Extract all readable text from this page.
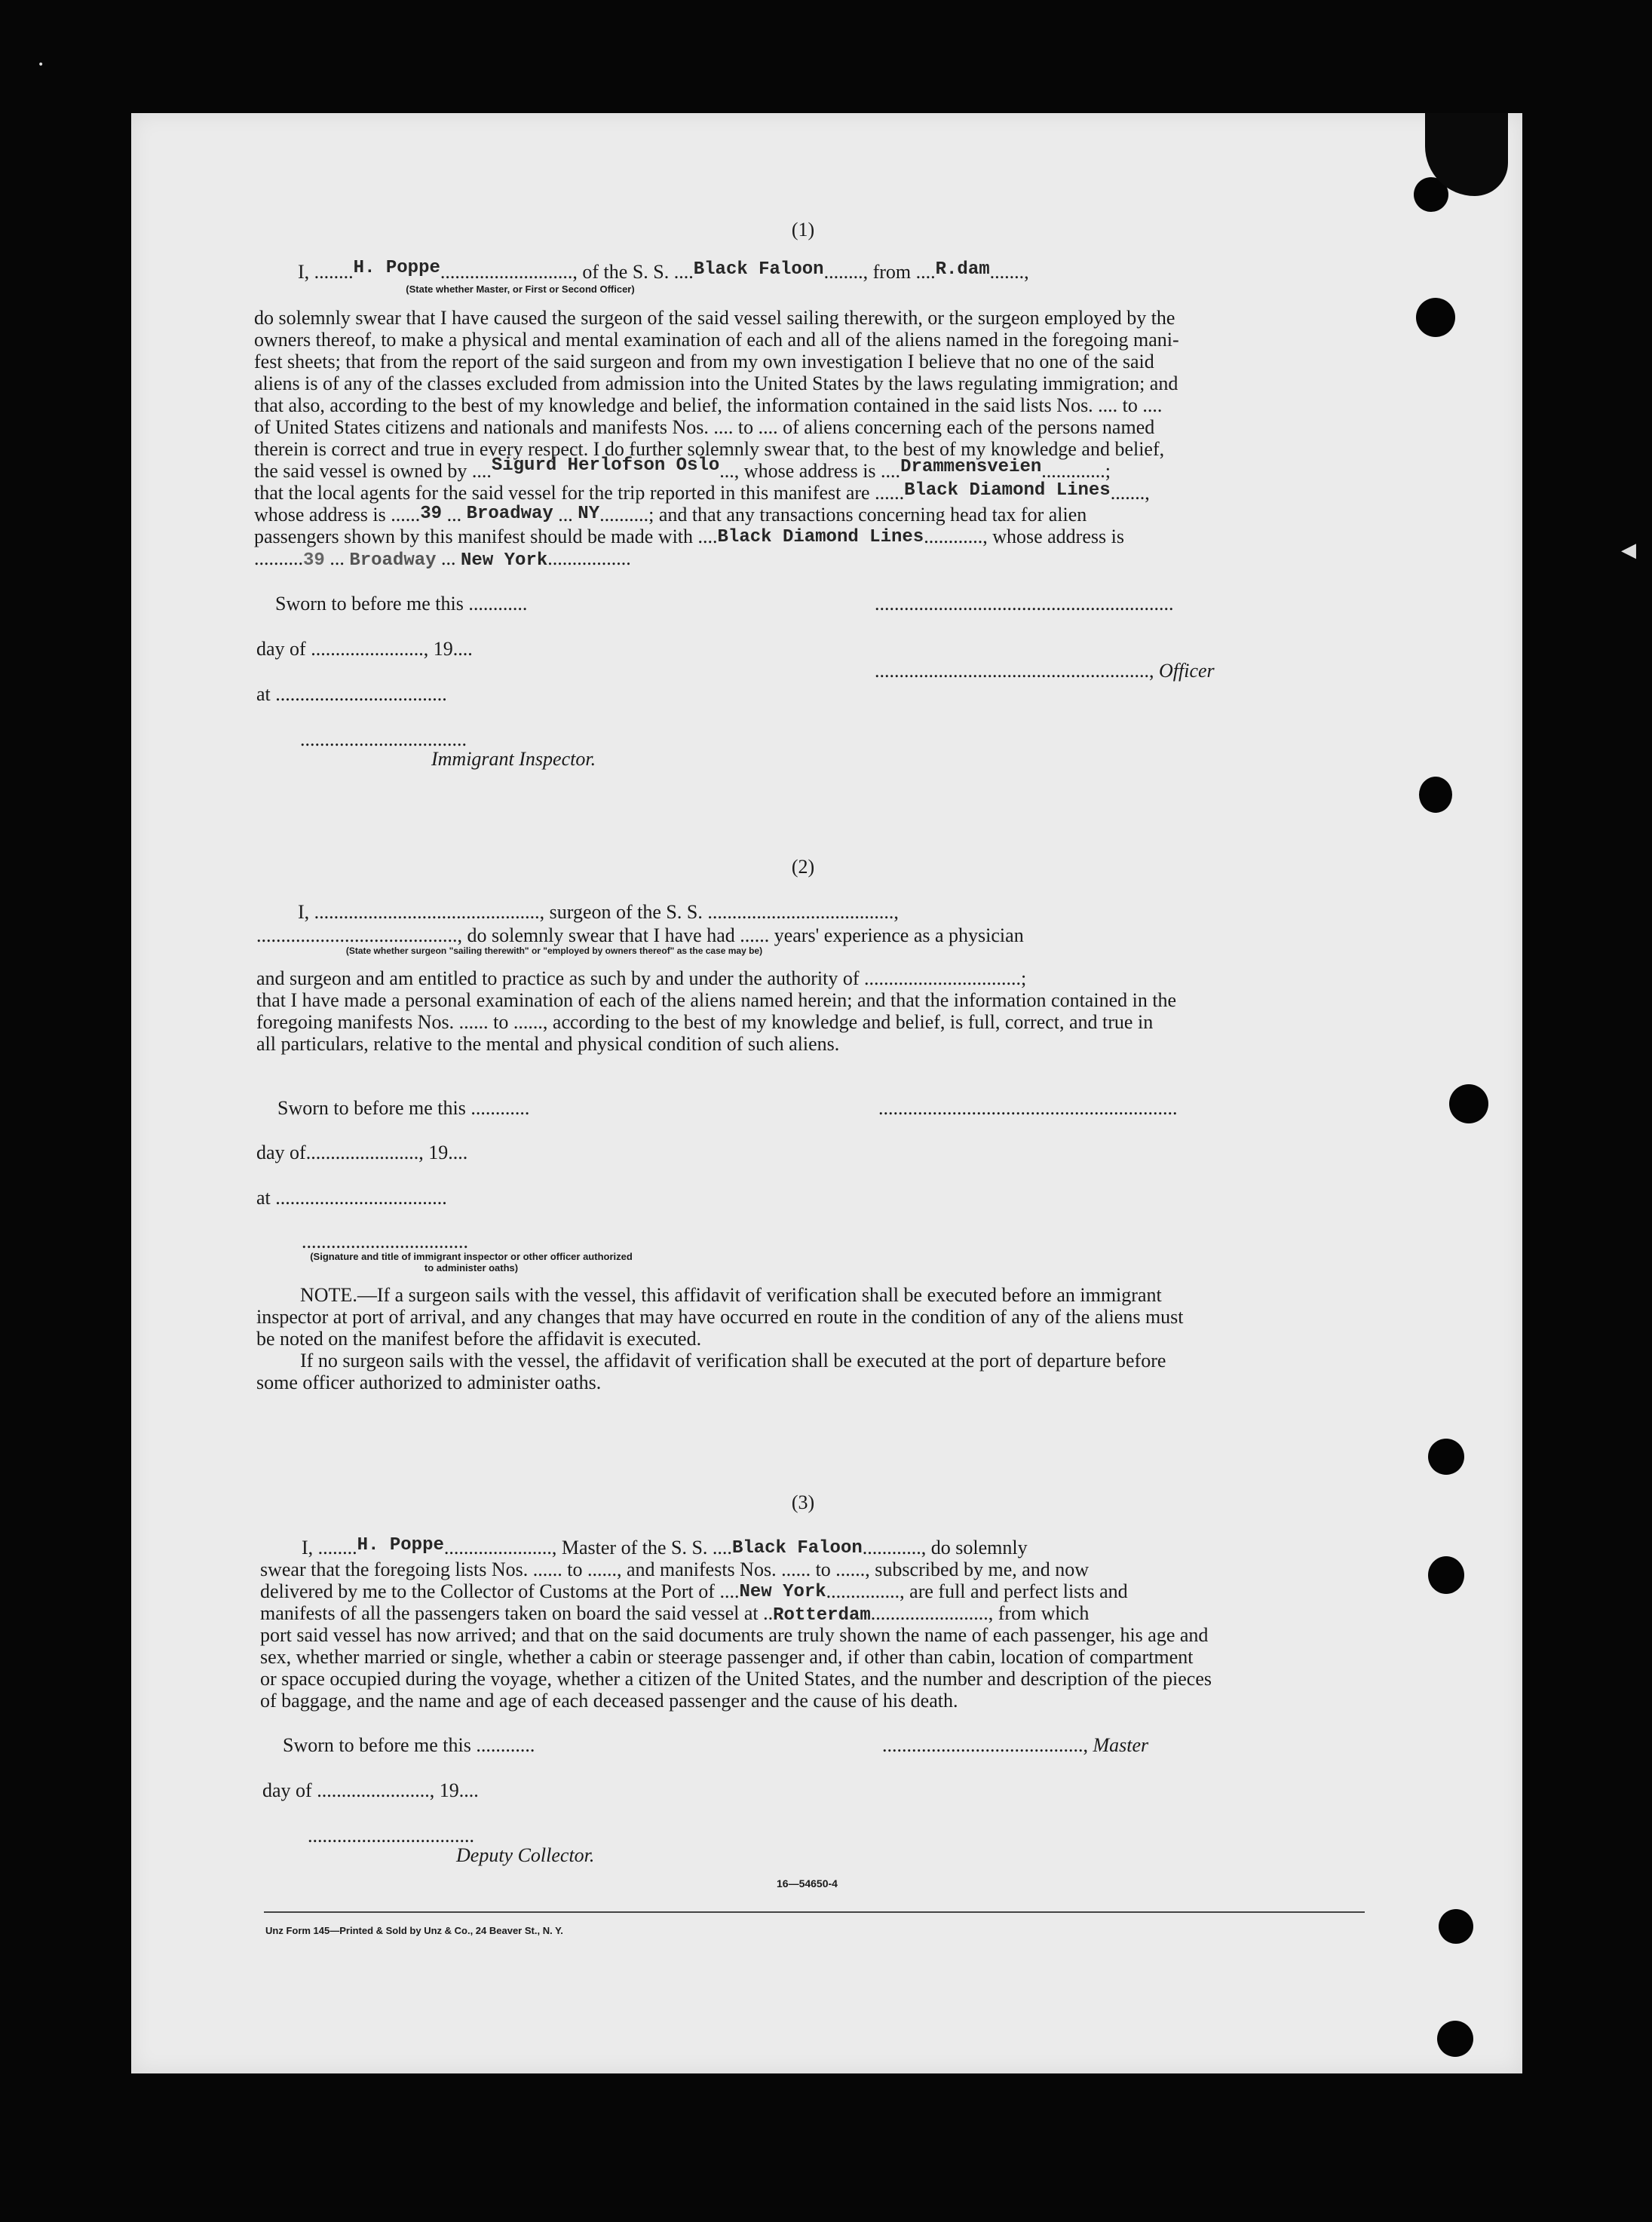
◀
•
(1)
I, ........H. Poppe..........................., of the S. S. ....Black Faloon........, from ....R.dam.......,
(State whether Master, or First or Second Officer)
do solemnly swear that I have caused the surgeon of the said vessel sailing therewith, or the surgeon employed by the
owners thereof, to make a physical and mental examination of each and all of the aliens named in the foregoing mani-
fest sheets; that from the report of the said surgeon and from my own investigation I believe that no one of the said
aliens is of any of the classes excluded from admission into the United States by the laws regulating immigration; and
that also, according to the best of my knowledge and belief, the information contained in the said lists Nos. .... to ....
of United States citizens and nationals and manifests Nos. .... to .... of aliens concerning each of the persons named
therein is correct and true in every respect. I do further solemnly swear that, to the best of my knowledge and belief,
the said vessel is owned by ....Sigurd Herlofson Oslo..., whose address is ....Drammensveien.............;
that the local agents for the said vessel for the trip reported in this manifest are ......Black Diamond Lines.......,
whose address is ......39 ... Broadway ... NY..........; and that any transactions concerning head tax for alien
passengers shown by this manifest should be made with ....Black Diamond Lines............, whose address is
..........39 ... Broadway ... New York.................
Sworn to before me this ............	.............................................................
day of ......................., 19....
........................................................, Officer
at ...................................
..................................
Immigrant Inspector.
(2)
I, .............................................., surgeon of the S. S. ......................................,
........................................., do solemnly swear that I have had ...... years' experience as a physician
(State whether surgeon "sailing therewith" or "employed by owners thereof" as the case may be)
and surgeon and am entitled to practice as such by and under the authority of ................................;
that I have made a personal examination of each of the aliens named herein; and that the information contained in the
foregoing manifests Nos. ...... to ......, according to the best of my knowledge and belief, is full, correct, and true in
all particulars, relative to the mental and physical condition of such aliens.
Sworn to before me this ............	.............................................................
day of......................., 19....
at ...................................
..................................
(Signature and title of immigrant inspector or other officer authorized to administer oaths)
NOTE.—If a surgeon sails with the vessel, this affidavit of verification shall be executed before an immigrant
inspector at port of arrival, and any changes that may have occurred en route in the condition of any of the aliens must
be noted on the manifest before the affidavit is executed.
If no surgeon sails with the vessel, the affidavit of verification shall be executed at the port of departure before
some officer authorized to administer oaths.
(3)
I, ........H. Poppe......................, Master of the S. S. ....Black Faloon............, do solemnly
swear that the foregoing lists Nos. ...... to ......, and manifests Nos. ...... to ......, subscribed by me, and now
delivered by me to the Collector of Customs at the Port of ....New York..............., are full and perfect lists and
manifests of all the passengers taken on board the said vessel at ..Rotterdam........................, from which
port said vessel has now arrived; and that on the said documents are truly shown the name of each passenger, his age and
sex, whether married or single, whether a cabin or steerage passenger and, if other than cabin, location of compartment
or space occupied during the voyage, whether a citizen of the United States, and the number and description of the pieces
of baggage, and the name and age of each deceased passenger and the cause of his death.
Sworn to before me this ............	........................................., Master
day of ......................., 19....
..................................
Deputy Collector.
16—54650-4
Unz Form 145—Printed & Sold by Unz & Co., 24 Beaver St., N. Y.
